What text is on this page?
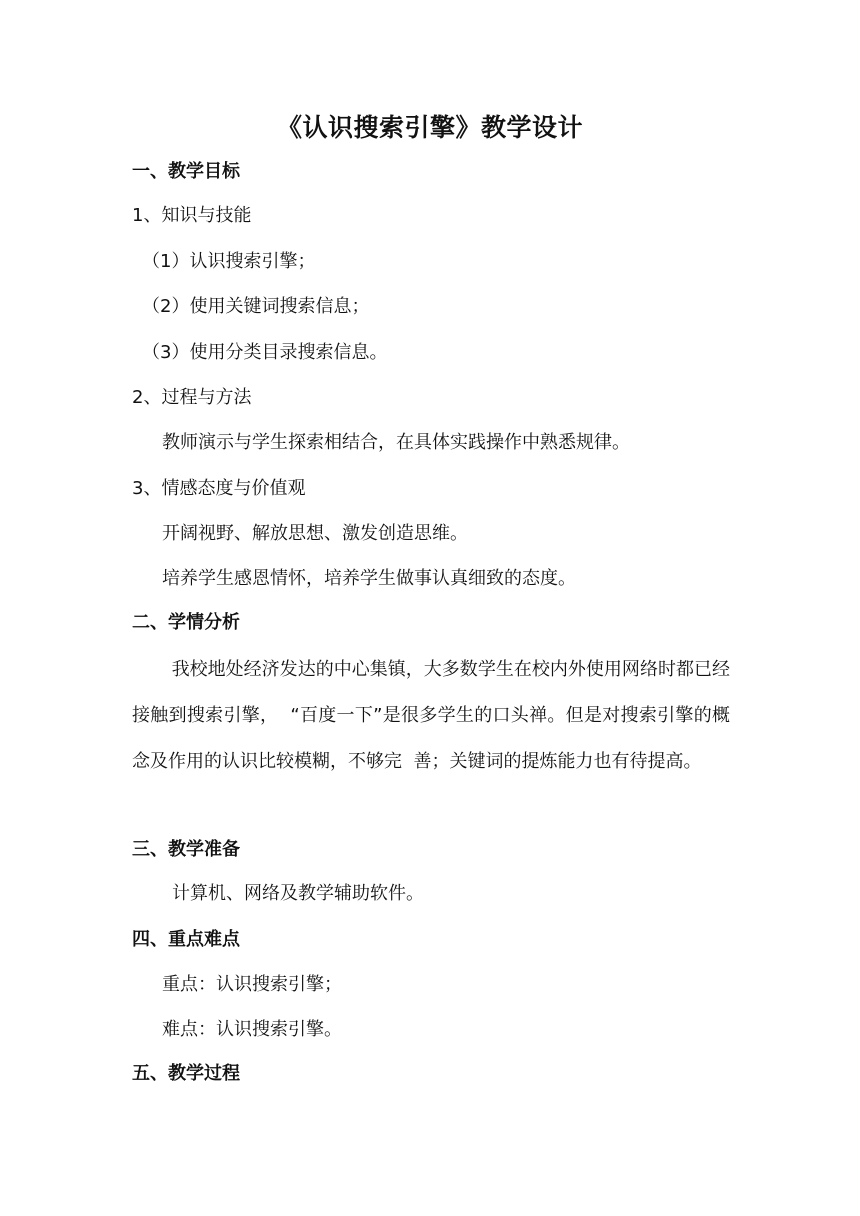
《认识搜索引擎》教学设计
一、教学目标
1、知识与技能
（1）认识搜索引擎；
（2）使用关键词搜索信息；
（3）使用分类目录搜索信息。
2、过程与方法
教师演示与学生探索相结合，在具体实践操作中熟悉规律。
3、情感态度与价值观
开阔视野、解放思想、激发创造思维。
培养学生感恩情怀，培养学生做事认真细致的态度。
二、学情分析
我校地处经济发达的中心集镇，大多数学生在校内外使用网络时都已经接触到搜索引擎，  “百度一下”是很多学生的口头禅。但是对搜索引擎的概念及作用的认识比较模糊，不够完  善；关键词的提炼能力也有待提高。
三、教学准备
计算机、网络及教学辅助软件。
四、重点难点
重点：认识搜索引擎；
难点：认识搜索引擎。
五、教学过程
